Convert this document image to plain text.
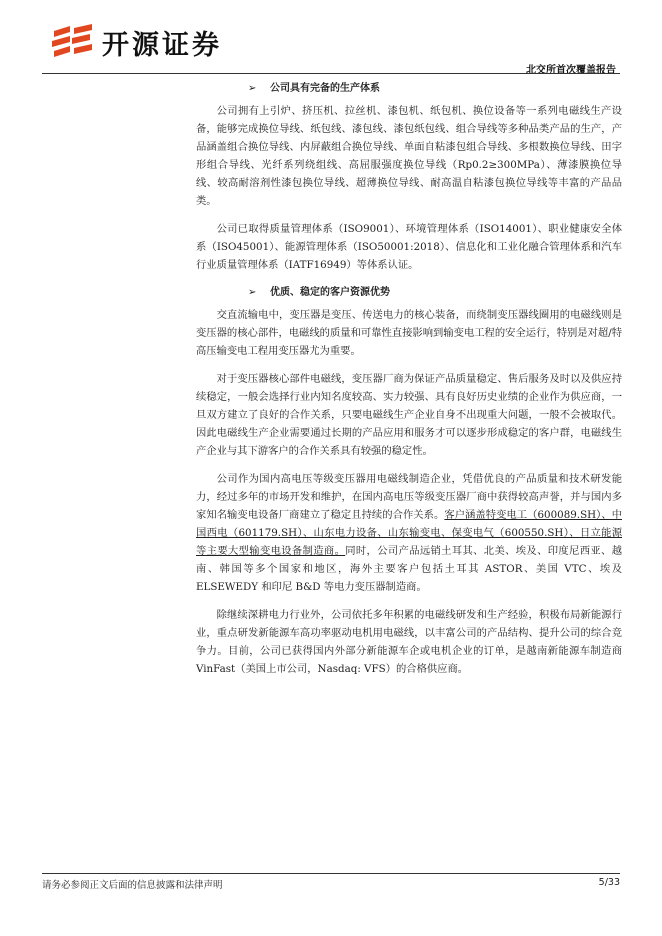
开源证券
北交所首次覆盖报告
➢	公司具有完备的生产体系

公司拥有上引炉、挤压机、拉丝机、漆包机、纸包机、换位设备等一系列电磁线生产设备，能够完成换位导线、纸包线、漆包线、漆包纸包线、组合导线等多种品类产品的生产，产品涵盖组合换位导线、内屏蔽组合换位导线、单面自粘漆包组合导线、多根数换位导线、田字形组合导线、光纤系列绕组线、高屈服强度换位导线（Rp0.2≥300MPa）、薄漆膜换位导线、较高耐溶剂性漆包换位导线、超薄换位导线、耐高温自粘漆包换位导线等丰富的产品品类。

公司已取得质量管理体系（ISO9001）、环境管理体系（ISO14001）、职业健康安全体系（ISO45001）、能源管理体系（ISO50001:2018）、信息化和工业化融合管理体系和汽车行业质量管理体系（IATF16949）等体系认证。

➢	优质、稳定的客户资源优势

交直流输电中，变压器是变压、传送电力的核心装备，而绕制变压器线圈用的电磁线则是变压器的核心部件，电磁线的质量和可靠性直接影响到输变电工程的安全运行，特别是对超/特高压输变电工程用变压器尤为重要。

对于变压器核心部件电磁线，变压器厂商为保证产品质量稳定、售后服务及时以及供应持续稳定，一般会选择行业内知名度较高、实力较强、具有良好历史业绩的企业作为供应商，一旦双方建立了良好的合作关系，只要电磁线生产企业自身不出现重大问题，一般不会被取代。因此电磁线生产企业需要通过长期的产品应用和服务才可以逐步形成稳定的客户群，电磁线生产企业与其下游客户的合作关系具有较强的稳定性。

公司作为国内高电压等级变压器用电磁线制造企业，凭借优良的产品质量和技术研发能力，经过多年的市场开发和维护，在国内高电压等级变压器厂商中获得较高声誉，并与国内多家知名输变电设备厂商建立了稳定且持续的合作关系。客户涵盖特变电工（600089.SH）、中国西电（601179.SH）、山东电力设备、山东输变电、保变电气（600550.SH）、日立能源等主要大型输变电设备制造商。同时，公司产品远销土耳其、北美、埃及、印度尼西亚、越南、韩国等多个国家和地区，海外主要客户包括土耳其 ASTOR、美国 VTC、埃及 ELSEWEDY 和印尼 B&D 等电力变压器制造商。

除继续深耕电力行业外，公司依托多年积累的电磁线研发和生产经验，积极布局新能源行业，重点研发新能源车高功率驱动电机用电磁线，以丰富公司的产品结构、提升公司的综合竞争力。目前，公司已获得国内外部分新能源车企或电机企业的订单，是越南新能源车制造商 VinFast（美国上市公司，Nasdaq: VFS）的合格供应商。

请务必参阅正文后面的信息披露和法律声明	5/33
